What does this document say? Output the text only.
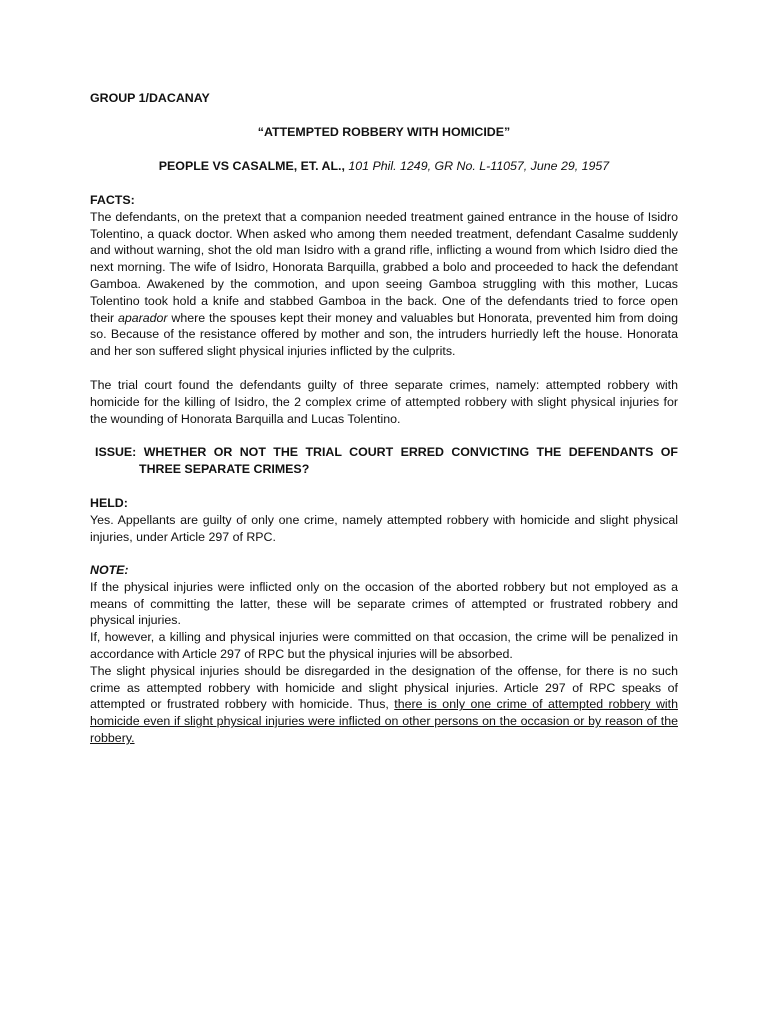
GROUP 1/DACANAY
“ATTEMPTED ROBBERY WITH HOMICIDE”
PEOPLE VS CASALME, ET. AL., 101 Phil. 1249, GR No. L-11057, June 29, 1957
FACTS:

The defendants, on the pretext that a companion needed treatment gained entrance in the house of Isidro Tolentino, a quack doctor. When asked who among them needed treatment, defendant Casalme suddenly and without warning, shot the old man Isidro with a grand rifle, inflicting a wound from which Isidro died the next morning. The wife of Isidro, Honorata Barquilla, grabbed a bolo and proceeded to hack the defendant Gamboa. Awakened by the commotion, and upon seeing Gamboa struggling with this mother, Lucas Tolentino took hold a knife and stabbed Gamboa in the back. One of the defendants tried to force open their aparador where the spouses kept their money and valuables but Honorata, prevented him from doing so. Because of the resistance offered by mother and son, the intruders hurriedly left the house. Honorata and her son suffered slight physical injuries inflicted by the culprits.

The trial court found the defendants guilty of three separate crimes, namely: attempted robbery with homicide for the killing of Isidro, the 2 complex crime of attempted robbery with slight physical injuries for the wounding of Honorata Barquilla and Lucas Tolentino.

ISSUE: WHETHER OR NOT THE TRIAL COURT ERRED CONVICTING THE DEFENDANTS OF THREE SEPARATE CRIMES?
HELD:

Yes. Appellants are guilty of only one crime, namely attempted robbery with homicide and slight physical injuries, under Article 297 of RPC.

NOTE:

If the physical injuries were inflicted only on the occasion of the aborted robbery but not employed as a means of committing the latter, these will be separate crimes of attempted or frustrated robbery and physical injuries.

If, however, a killing and physical injuries were committed on that occasion, the crime will be penalized in accordance with Article 297 of RPC but the physical injuries will be absorbed.

The slight physical injuries should be disregarded in the designation of the offense, for there is no such crime as attempted robbery with homicide and slight physical injuries. Article 297 of RPC speaks of attempted or frustrated robbery with homicide. Thus, there is only one crime of attempted robbery with homicide even if slight physical injuries were inflicted on other persons on the occasion or by reason of the robbery.
